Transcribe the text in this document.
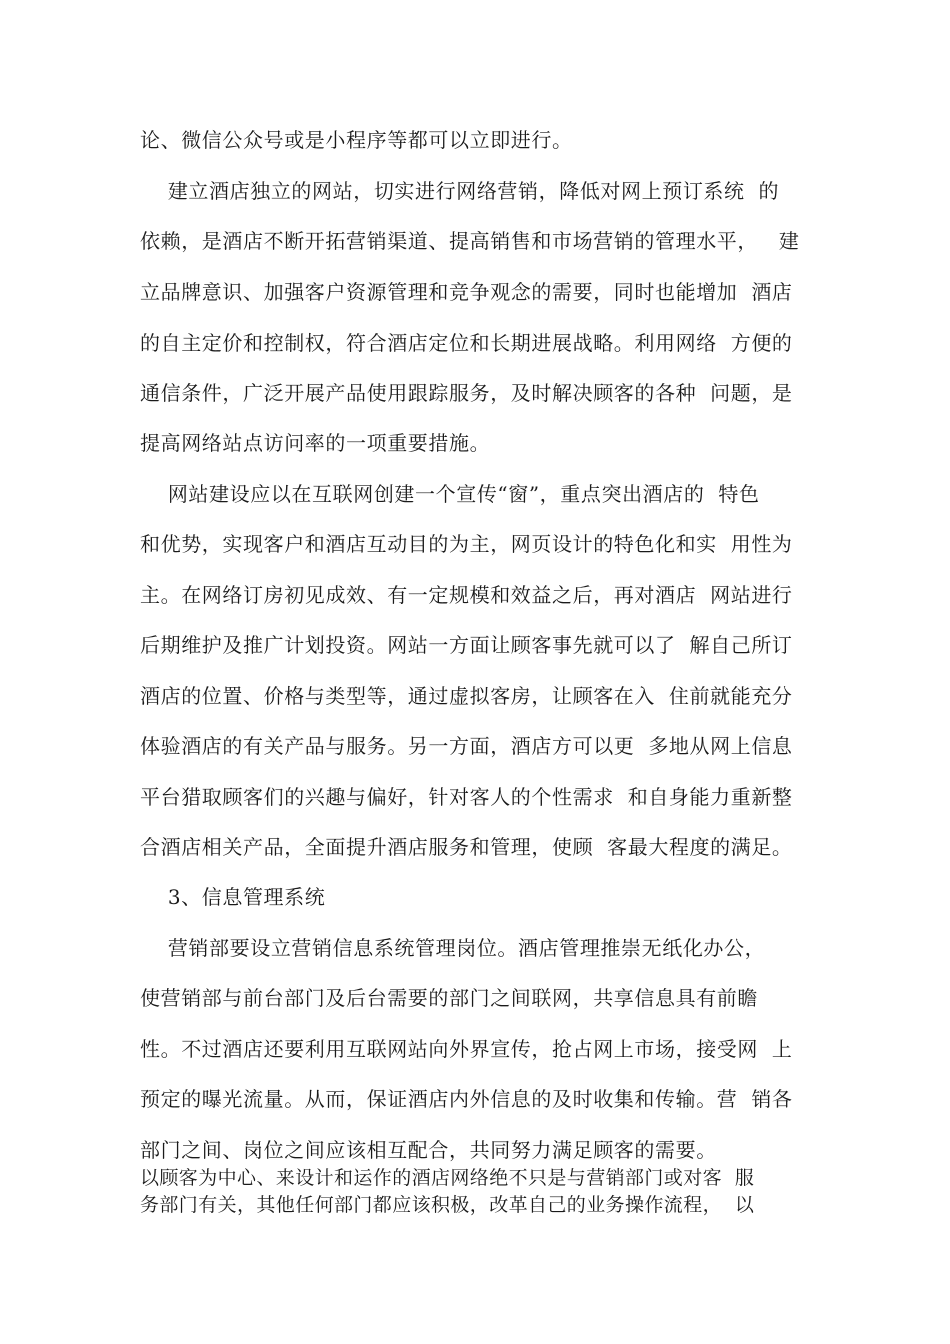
论、微信公众号或是小程序等都可以立即进行。
建立酒店独立的网站，切实进行网络营销，降低对网上预订系统  的
依赖，是酒店不断开拓营销渠道、提高销售和市场营销的管理水平，   建
立品牌意识、加强客户资源管理和竞争观念的需要，同时也能增加  酒店
的自主定价和控制权，符合酒店定位和长期进展战略。利用网络  方便的
通信条件，广泛开展产品使用跟踪服务，及时解决顾客的各种  问题，是
提高网络站点访问率的一项重要措施。
网站建设应以在互联网创建一个宣传“窗”，重点突出酒店的  特色
和优势，实现客户和酒店互动目的为主，网页设计的特色化和实  用性为
主。在网络订房初见成效、有一定规模和效益之后，再对酒店  网站进行
后期维护及推广计划投资。网站一方面让顾客事先就可以了  解自己所订
酒店的位置、价格与类型等，通过虚拟客房，让顾客在入  住前就能充分
体验酒店的有关产品与服务。另一方面，酒店方可以更  多地从网上信息
平台猎取顾客们的兴趣与偏好，针对客人的个性需求  和自身能力重新整
合酒店相关产品，全面提升酒店服务和管理，使顾  客最大程度的满足。
3、信息管理系统
营销部要设立营销信息系统管理岗位。酒店管理推崇无纸化办公，
使营销部与前台部门及后台需要的部门之间联网，共享信息具有前瞻
性。不过酒店还要利用互联网站向外界宣传，抢占网上市场，接受网  上
预定的曝光流量。从而，保证酒店内外信息的及时收集和传输。营  销各
部门之间、岗位之间应该相互配合，共同努力满足顾客的需要。
以顾客为中心、来设计和运作的酒店网络绝不只是与营销部门或对客  服
务部门有关，其他任何部门都应该积极，改革自己的业务操作流程，  以
